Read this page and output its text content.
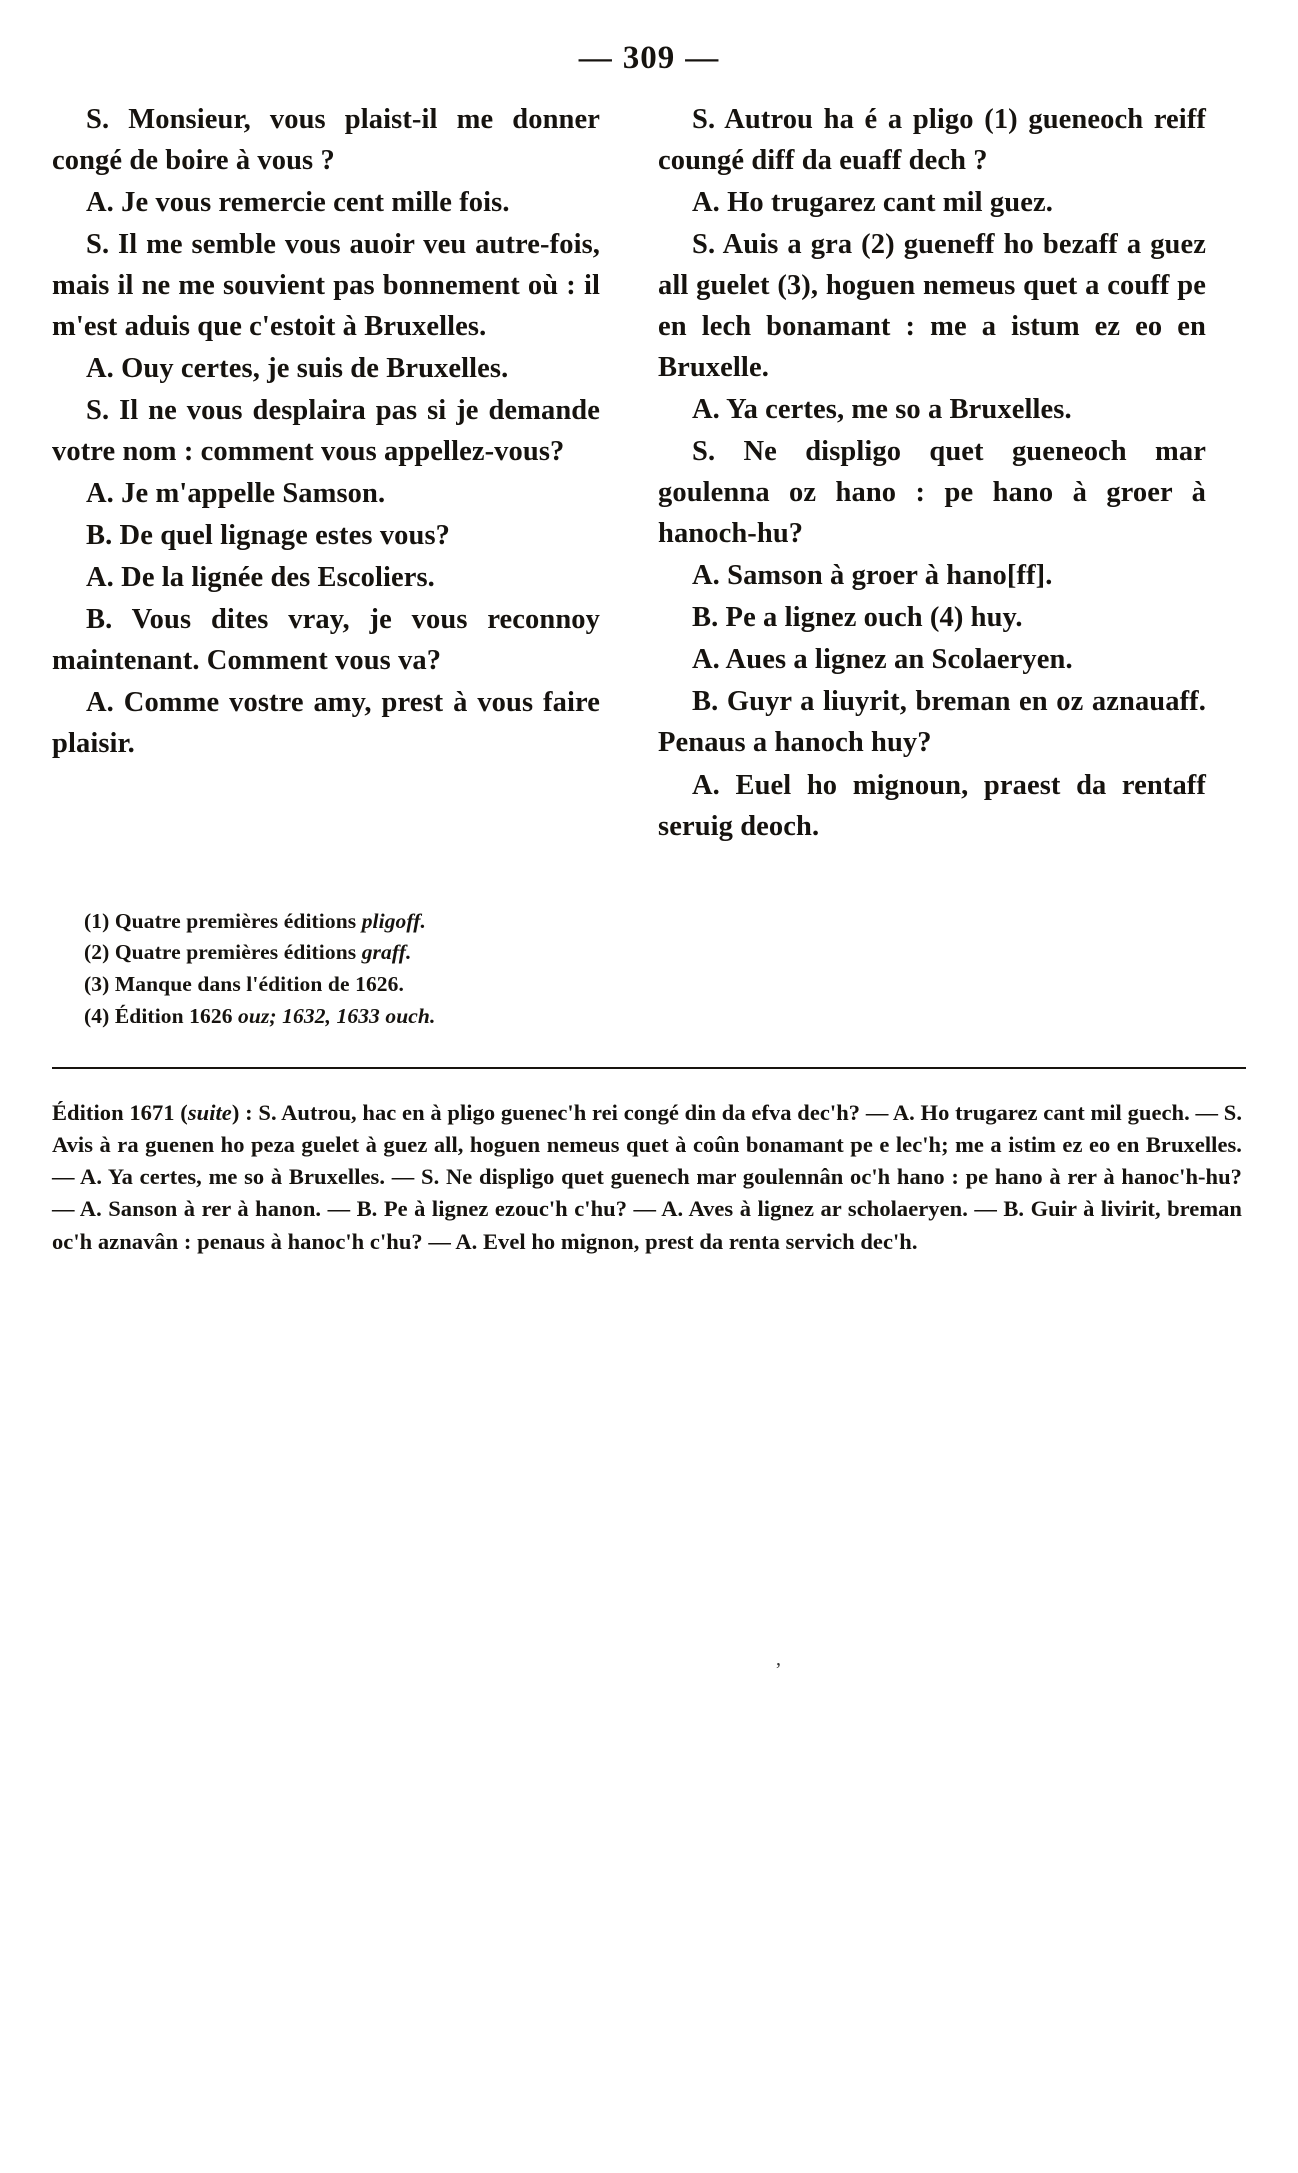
— 309 —

S. Monsieur, vous plaist-il me donner congé de boire à vous ?

A. Je vous remercie cent mille fois.

S. Il me semble vous auoir veu autre-fois, mais il ne me souvient pas bonnement où : il m'est aduis que c'estoit à Bruxelles.

A. Ouy certes, je suis de Bruxelles.

S. Il ne vous desplaira pas si je demande votre nom : comment vous appellez-vous?

A. Je m'appelle Samson.

B. De quel lignage estes vous?

A. De la lignée des Escoliers.

B. Vous dites vray, je vous reconnoy maintenant. Comment vous va?

A. Comme vostre amy, prest à vous faire plaisir.

S. Autrou ha é a pligo (1) gueneoch reiff coungé diff da euaff dech ?

A. Ho trugarez cant mil guez.

S. Auis a gra (2) gueneff ho bezaff a guez all guelet (3), hoguen nemeus quet a couff pe en lech bonamant : me a istum ez eo en Bruxelle.

A. Ya certes, me so a Bruxelles.

S. Ne displigo quet gueneoch mar goulenna oz hano : pe hano à groer à hanoch-hu?

A. Samson à groer à hano[ff].

B. Pe a lignez ouch (4) huy.

A. Aues a lignez an Scolaeryen.

B. Guyr a liuyrit, breman en oz aznauaff. Penaus a hanoch huy?

A. Euel ho mignoun, praest da rentaff seruig deoch.

(1) Quatre premières éditions pligoff.

(2) Quatre premières éditions graff.

(3) Manque dans l'édition de 1626.

(4) Édition 1626 ouz; 1632, 1633 ouch.

‚
Édition 1671 (suite) : S. Autrou, hac en à pligo guenec'h rei congé din da efva dec'h? — A. Ho trugarez cant mil guech. — S. Avis à ra guenen ho peza guelet à guez all, hoguen nemeus quet à coûn bonamant pe e lec'h; me a istim ez eo en Bruxelles. — A. Ya certes, me so à Bruxelles. — S. Ne displigo quet guenech mar goulennân oc'h hano : pe hano à rer à hanoc'h-hu? — A. Sanson à rer à hanon. — B. Pe à lignez ezouc'h c'hu? — A. Aves à lignez ar scholaeryen. — B. Guir à livirit, breman oc'h aznavân : penaus à hanoc'h c'hu? — A. Evel ho mignon, prest da renta servich dec'h.
